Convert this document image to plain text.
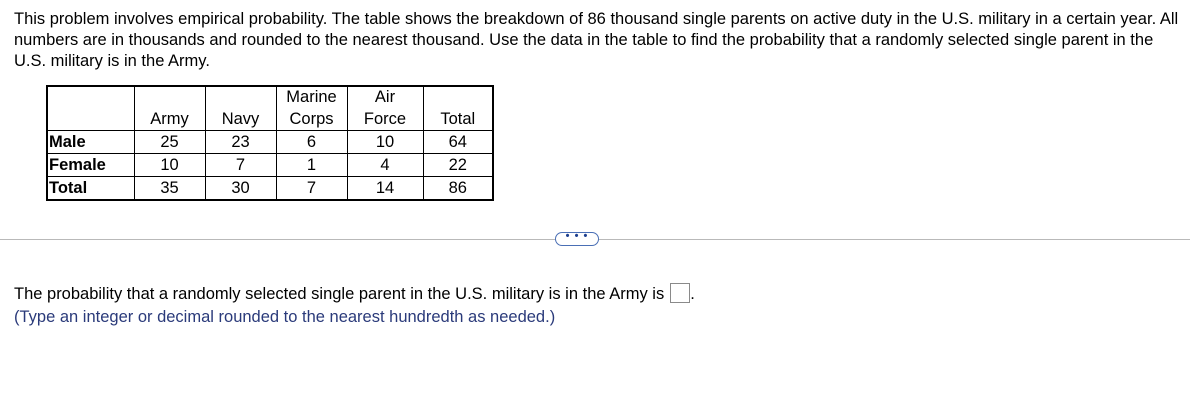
This problem involves empirical probability. The table shows the breakdown of 86 thousand single parents on active duty in the U.S. military in a certain year. All numbers are in thousands and rounded to the nearest thousand. Use the data in the table to find the probability that a randomly selected single parent in the U.S. military is in the Army.

			Marine	Air	
	Army	Navy	Corps	Force	Total
Male	25	23	6	10	64
Female	10	7	1	4	22
Total	35	30	7	14	86
• • •

The probability that a randomly selected single parent in the U.S. military is in the Army is .

(Type an integer or decimal rounded to the nearest hundredth as needed.)
